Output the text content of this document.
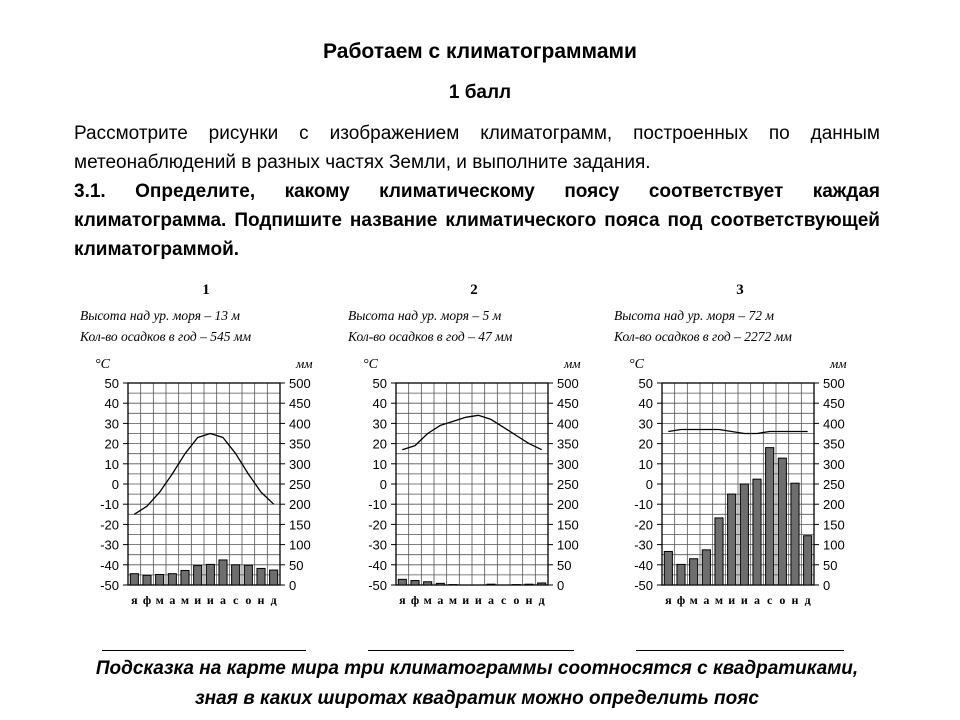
Работаем с климатограммами
1 балл

Рассмотрите рисунки с изображением климатограмм, построенных по данным метеонаблюдений в разных частях Земли, и выполните задания.

3.1. Определите, какому климатическому поясу соответствует каждая климатограмма. Подпишите название климатического пояса под соответствующей климатограммой.

1
Высота над ур. моря – 13 м
Кол-во осадков в год – 545 мм
°C	мм
50
40
30
20
10
0
-10
-20
-30
-40
-50
500
450
400
350
300
250
200
150
100
50
0
я ф м а м и и а с о н д
2
Высота над ур. моря – 5 м
Кол-во осадков в год – 47 мм
°C	мм
50
40
30
20
10
0
-10
-20
-30
-40
-50
500
450
400
350
300
250
200
150
100
50
0
я ф м а м и и а с о н д
3
Высота над ур. моря – 72 м
Кол-во осадков в год – 2272 мм
°C	мм
50
40
30
20
10
0
-10
-20
-30
-40
-50
500
450
400
350
300
250
200
150
100
50
0
я ф м а м и и а с о н д

Подсказка на карте мира три климатограммы соотносятся с квадратиками, зная в каких широтах квадратик можно определить пояс
